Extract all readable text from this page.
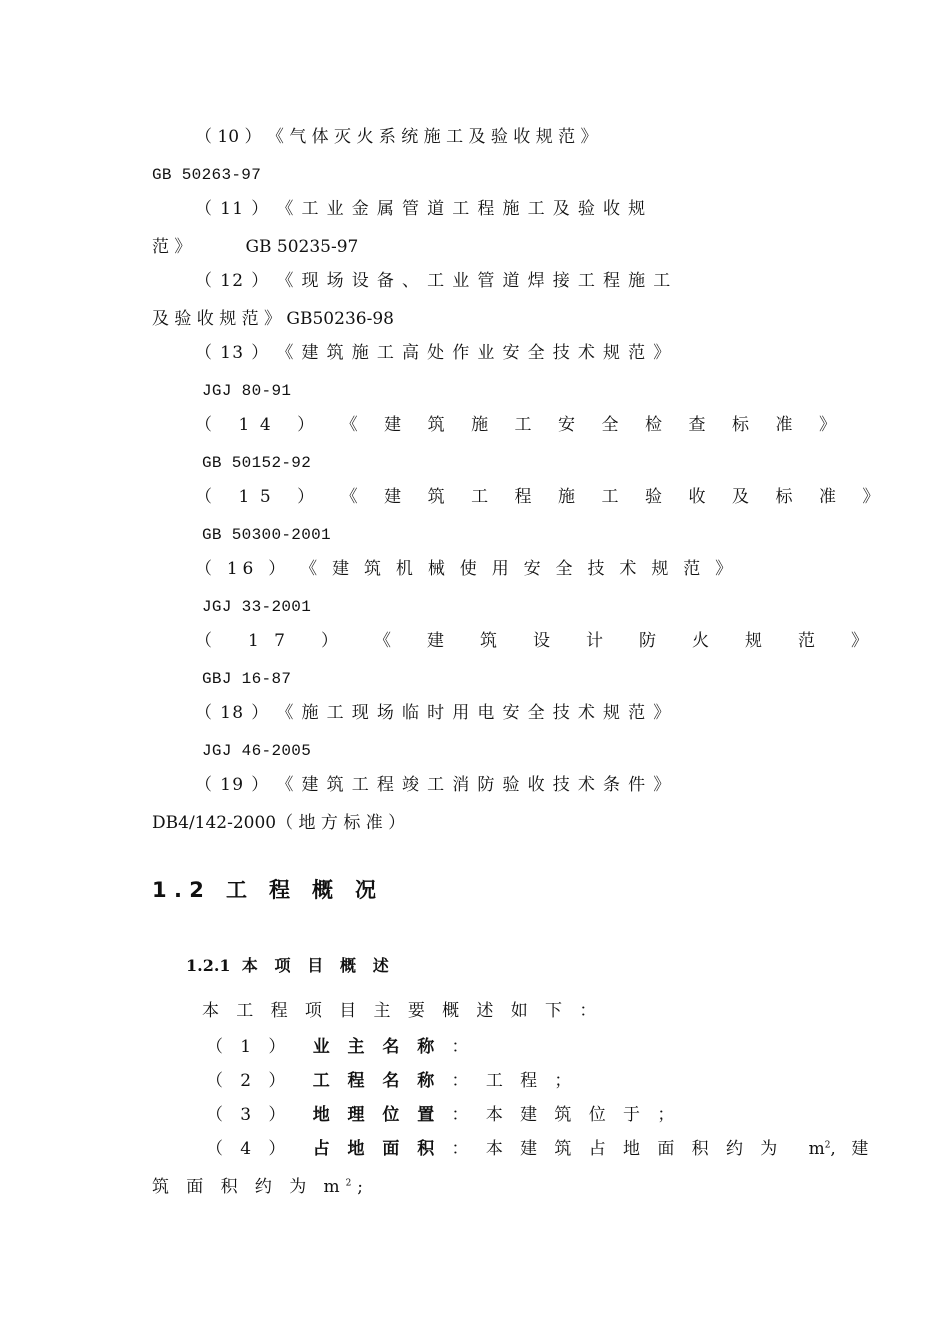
（ 10 ） 《 气 体 灭 火 系 统 施 工 及 验 收 规 范 》
GB 50263-97
（ 11 ） 《 工 业 金 属 管 道 工 程 施 工 及 验 收 规
范 》          GB 50235-97
（ 12 ） 《 现 场 设 备 、 工 业 管 道 焊 接 工 程 施 工
及 验 收 规 范 》 GB50236-98
（ 13 ） 《 建 筑 施 工 高 处 作 业 安 全 技 术 规 范 》
JGJ 80-91
（ 14 ） 《 建 筑 施 工 安 全 检 查 标 准 》
GB 50152-92
（ 15 ） 《 建 筑 工 程 施 工 验 收 及 标 准 》
GB 50300-2001
（ 16 ） 《 建 筑 机 械 使 用 安 全 技 术 规 范 》
JGJ 33-2001
（ 17 ） 《 建 筑 设 计 防 火 规 范 》
GBJ 16-87
（ 18 ） 《 施 工 现 场 临 时 用 电 安 全 技 术 规 范 》
JGJ 46-2005
（ 19 ） 《 建 筑 工 程 竣 工 消 防 验 收 技 术 条 件 》
DB4/142-2000（ 地 方 标 准 ）
1.2 工 程 概 况
1.2.1 本 项 目 概 述
本 工 程 项 目 主 要 概 述 如 下 ：
（ 1 ） 业 主 名 称 ：
（ 2 ） 工 程 名 称 ： 工 程 ；
（ 3 ） 地 理 位 置 ： 本 建 筑 位 于 ；
（ 4 ） 占 地 面 积 ： 本 建 筑 占 地 面 积 约 为 $m^2$, 建
筑 面 积 约 为 $m^2$;
